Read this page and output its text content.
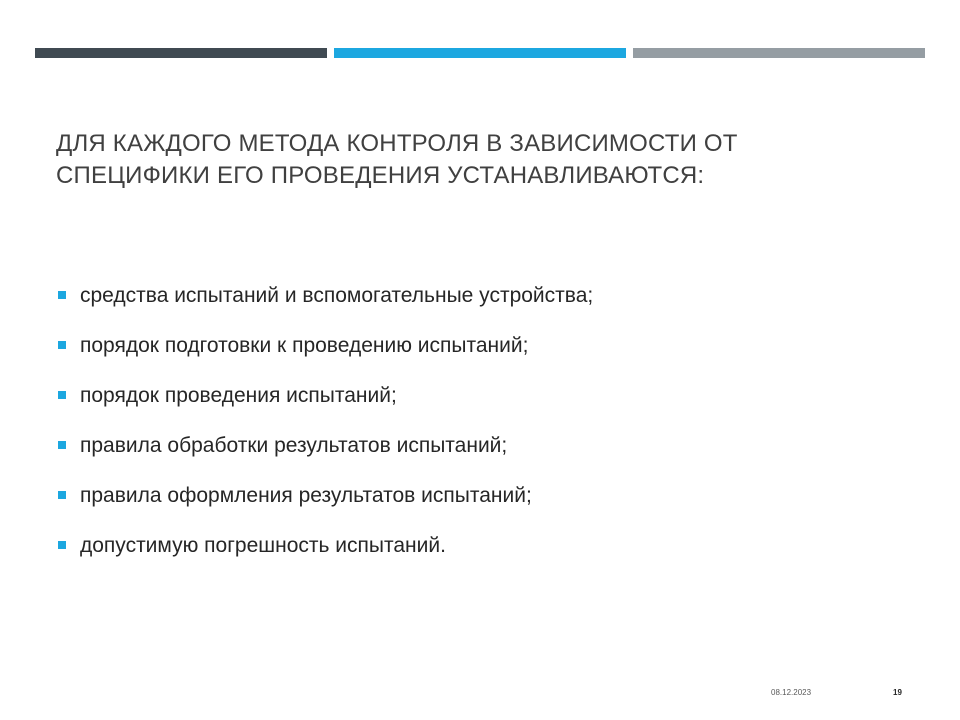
ДЛЯ КАЖДОГО МЕТОДА КОНТРОЛЯ В ЗАВИСИМОСТИ ОТ
СПЕЦИФИКИ ЕГО ПРОВЕДЕНИЯ УСТАНАВЛИВАЮТСЯ:
средства испытаний и вспомогательные устройства;
порядок подготовки к проведению испытаний;
порядок проведения испытаний;
правила обработки результатов испытаний;
правила оформления результатов испытаний;
допустимую погрешность испытаний.
08.12.2023	19
